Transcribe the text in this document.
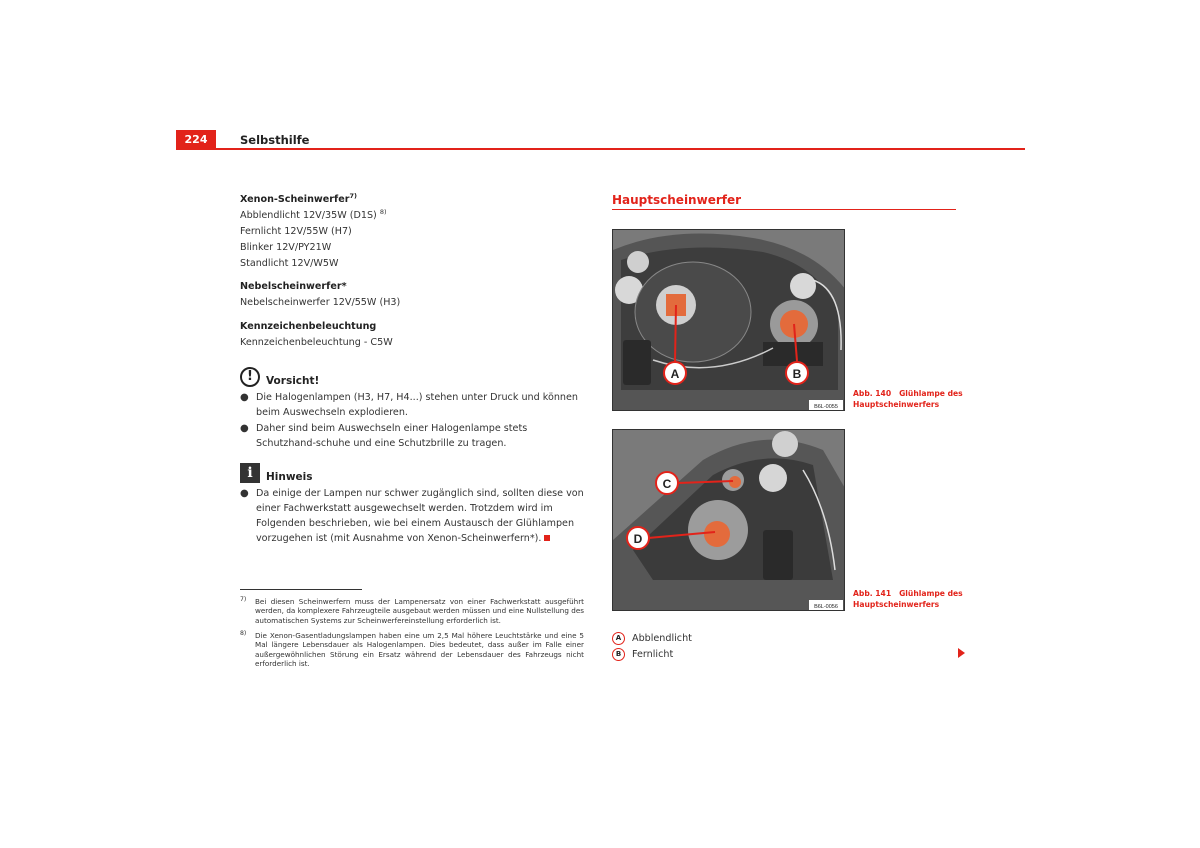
224	Selbsthilfe
Xenon-Scheinwerfer$^{7)}$
Abblendlicht 12V/35W (D1S) $^{8)}$
Fernlicht 12V/55W (H7)
Blinker 12V/PY21W
Standlicht 12V/W5W
Nebelscheinwerfer*
Nebelscheinwerfer 12V/55W (H3)
Kennzeichenbeleuchtung
Kennzeichenbeleuchtung - C5W
!	Vorsicht!
● Die Halogenlampen (H3, H7, H4...) stehen unter Druck und können beim Auswechseln explodieren.
● Daher sind beim Auswechseln einer Halogenlampe stets Schutzhand-schuhe und eine Schutzbrille zu tragen.
i	Hinweis
● Da einige der Lampen nur schwer zugänglich sind, sollten diese von einer Fachwerkstatt ausgewechselt werden. Trotzdem wird im Folgenden beschrieben, wie bei einem Austausch der Glühlampen vorzugehen ist (mit Ausnahme von Xenon-Scheinwerfern*).
7) Bei diesen Scheinwerfern muss der Lampenersatz von einer Fachwerkstatt ausgeführt werden, da komplexere Fahrzeugteile ausgebaut werden müssen und eine Nullstellung des automatischen Systems zur Scheinwerfereinstellung erforderlich ist.
8) Die Xenon-Gasentladungslampen haben eine um 2,5 Mal höhere Leuchtstärke und eine 5 Mal längere Lebensdauer als Halogenlampen. Dies bedeutet, dass außer im Falle einer außergewöhnlichen Störung ein Ersatz während der Lebensdauer des Fahrzeugs nicht erforderlich ist.
Hauptscheinwerfer
A	B
B6L-0055
Abb. 140 Glühlampe des Hauptscheinwerfers
C
D
B6L-0056
Abb. 141 Glühlampe des Hauptscheinwerfers
A	Abblendlicht
B	Fernlicht
